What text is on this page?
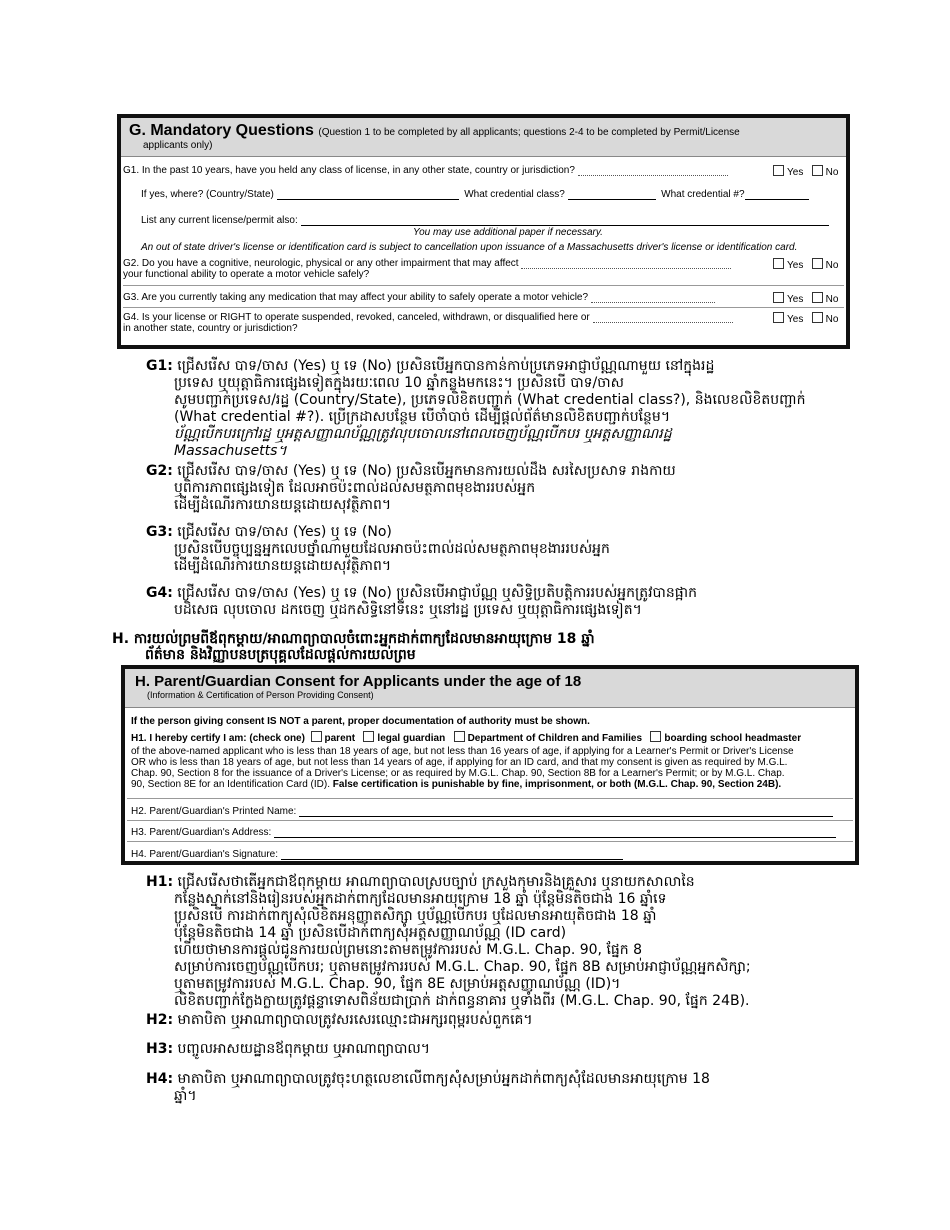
G. Mandatory Questions (Question 1 to be completed by all applicants; questions 2-4 to be completed by Permit/License
applicants only)
G1. In the past 10 years, have you held any class of license, in any other state, country or jurisdiction?	Yes No
If yes, where? (Country/State)	What credential class?	What credential #?
List any current license/permit also:
You may use additional paper if necessary.
An out of state driver's license or identification card is subject to cancellation upon issuance of a Massachusetts driver's license or identification card.
G2. Do you have a cognitive, neurologic, physical or any other impairment that may affect	Yes No
your functional ability to operate a motor vehicle safely?
G3. Are you currently taking any medication that may affect your ability to safely operate a motor vehicle?	Yes No
G4. Is your license or RIGHT to operate suspended, revoked, canceled, withdrawn, or disqualified here or	Yes No
in another state, country or jurisdiction?
G1: ជ្រើសរើស បាទ/ចាស (Yes) ឬ ទេ (No) ប្រសិនបើអ្នកបានកាន់កាប់ប្រភេទអាជ្ញាប័ណ្ណណាមួយ នៅក្នុងរដ្ឋ
ប្រទេស ឬយុត្តាធិការផ្សេងទៀតក្នុងរយៈពេល 10 ឆ្នាំកន្លងមកនេះ។ ប្រសិនបើ បាទ/ចាស
សូមបញ្ជាក់ប្រទេស/រដ្ឋ (Country/State), ប្រភេទលិខិតបញ្ជាក់ (What credential class?), និងលេខលិខិតបញ្ជាក់
(What credential #?). ប្រើក្រដាសបន្ថែម បើចាំបាច់ ដើម្បីផ្តល់ព័ត៌មានលិខិតបញ្ជាក់បន្ថែម។
ប័ណ្ណបើកបរក្រៅរដ្ឋ ឬអត្តសញ្ញាណប័ណ្ណត្រូវលុបចោលនៅពេលចេញប័ណ្ណបើកបរ ឬអត្តសញ្ញាណរដ្ឋ
Massachusetts។
G2: ជ្រើសរើស បាទ/ចាស (Yes) ឬ ទេ (No) ប្រសិនបើអ្នកមានការយល់ដឹង សរសៃប្រសាទ រាងកាយ
ឬពិការភាពផ្សេងទៀត ដែលអាចប៉ះពាល់ដល់សមត្ថភាពមុខងាររបស់អ្នក
ដើម្បីដំណើរការយានយន្តដោយសុវត្ថិភាព។
G3: ជ្រើសរើស បាទ/ចាស (Yes) ឬ ទេ (No)
ប្រសិនបើបច្ចុប្បន្នអ្នកលេបថ្នាំណាមួយដែលអាចប៉ះពាល់ដល់សមត្ថភាពមុខងាររបស់អ្នក
ដើម្បីដំណើរការយានយន្តដោយសុវត្ថិភាព។
G4: ជ្រើសរើស បាទ/ចាស (Yes) ឬ ទេ (No) ប្រសិនបើអាជ្ញាប័ណ្ណ ឬសិទ្ធិប្រតិបត្តិការរបស់អ្នកត្រូវបានផ្អាក
បដិសេធ លុបចោល ដកចេញ ឬដកសិទ្ធិនៅទីនេះ ឬនៅរដ្ឋ ប្រទេស ឬយុត្តាធិការផ្សេងទៀត។
H. ការយល់ព្រមពីឪពុកម្តាយ/អាណាព្យាបាលចំពោះអ្នកដាក់ពាក្យដែលមានអាយុក្រោម 18 ឆ្នាំ
ព័ត៌មាន និងវិញ្ញាបនបត្របុគ្គលដែលផ្តល់ការយល់ព្រម
H. Parent/Guardian Consent for Applicants under the age of 18
(Information & Certification of Person Providing Consent)
If the person giving consent IS NOT a parent, proper documentation of authority must be shown.
H1. I hereby certify I am: (check one) parent legal guardian Department of Children and Families boarding school headmaster
of the above-named applicant who is less than 18 years of age, but not less than 16 years of age, if applying for a Learner's Permit or Driver's License
OR who is less than 18 years of age, but not less than 14 years of age, if applying for an ID card, and that my consent is given as required by M.G.L.
Chap. 90, Section 8 for the issuance of a Driver's License; or as required by M.G.L. Chap. 90, Section 8B for a Learner's Permit; or by M.G.L. Chap.
90, Section 8E for an Identification Card (ID). False certification is punishable by fine, imprisonment, or both (M.G.L. Chap. 90, Section 24B).
H2. Parent/Guardian's Printed Name:
H3. Parent/Guardian's Address:
H4. Parent/Guardian's Signature:
H1: ជ្រើសរើសថាតើអ្នកជាឪពុកម្តាយ អាណាព្យាបាលស្របច្បាប់ ក្រសួងកុមារនិងគ្រួសារ ឬនាយកសាលានៃ
កន្លែងស្នាក់នៅនិងរៀនរបស់អ្នកដាក់ពាក្យដែលមានអាយុក្រោម 18 ឆ្នាំ ប៉ុន្តែមិនតិចជាង 16 ឆ្នាំទេ
ប្រសិនបើ ការដាក់ពាក្យសុំលិខិតអនុញ្ញាតសិក្សា ឬប័ណ្ណបើកបរ ឬដែលមានអាយុតិចជាង 18 ឆ្នាំ
ប៉ុន្តែមិនតិចជាង 14 ឆ្នាំ ប្រសិនបើដាក់ពាក្យសុំអត្តសញ្ញាណប័ណ្ណ (ID card)
ហើយថាមានការផ្តល់ជូនការយល់ព្រមនោះតាមតម្រូវការរបស់ M.G.L. Chap. 90, ផ្នែក 8
សម្រាប់ការចេញប័ណ្ណបើកបរ; ឬតាមតម្រូវការរបស់ M.G.L. Chap. 90, ផ្នែក 8B សម្រាប់អាជ្ញាប័ណ្ណអ្នកសិក្សា;
ឬតាមតម្រូវការរបស់ M.G.L. Chap. 90, ផ្នែក 8E សម្រាប់អត្តសញ្ញាណប័ណ្ណ (ID)។
លិខិតបញ្ជាក់ក្លែងក្លាយត្រូវផ្តន្ទាទោសពិន័យជាប្រាក់ ដាក់ពន្ធនាគារ ឬទាំងពីរ (M.G.L. Chap. 90, ផ្នែក 24B).
H2: មាតាបិតា ឬអាណាព្យាបាលត្រូវសរសេរឈ្មោះជាអក្សរពុម្ពរបស់ពួកគេ។
H3: បញ្ចូលអាសយដ្ឋានឪពុកម្តាយ ឬអាណាព្យាបាល។
H4: មាតាបិតា ឬអាណាព្យាបាលត្រូវចុះហត្ថលេខាលើពាក្យសុំសម្រាប់អ្នកដាក់ពាក្យសុំដែលមានអាយុក្រោម 18
ឆ្នាំ។
